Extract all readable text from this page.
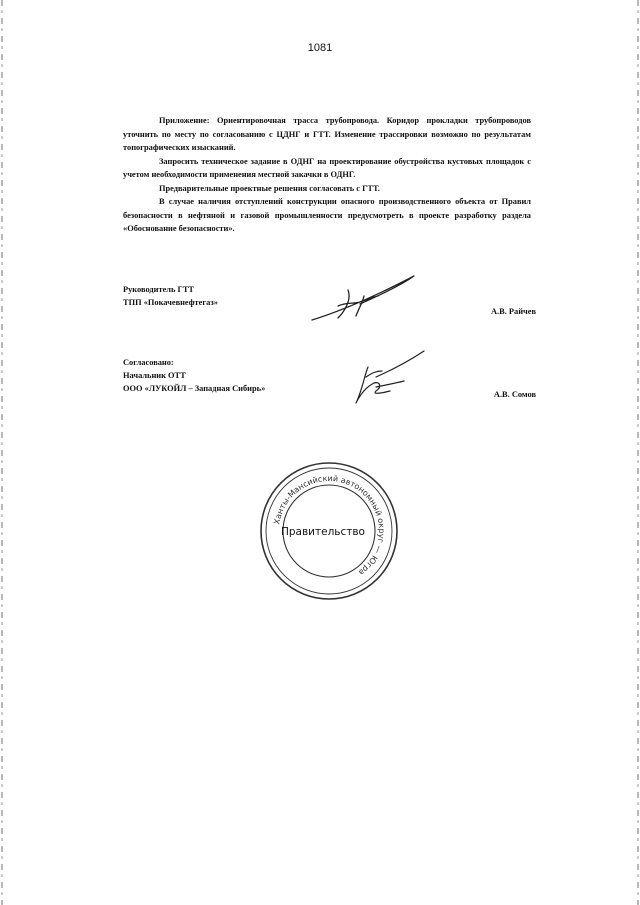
1081

Приложение: Ориентировочная трасса трубопровода. Коридор прокладки трубопроводов уточнить по месту по согласованию с ЦДНГ и ГТТ. Изменение трассировки возможно по результатам топографических изысканий.

Запросить техническое задание в ОДНГ на проектирование обустройства кустовых площадок с учетом необходимости применения местной закачки в ОДНГ.

Предварительные проектные решения согласовать с ГТТ.

В случае наличия отступлений конструкции опасного производственного объекта от Правил безопасности в нефтяной и газовой промышленности предусмотреть в проекте разработку раздела «Обоснование безопасности».

Руководитель ГТТ
ТПП «Покачевнефтегаз»
А.В. Райчев
Согласовано:
Начальник ОТТ
ООО «ЛУКОЙЛ – Западная Сибирь»
А.В. Сомов
Ханты-Мансийский автономный округ — Югра
Правительство
